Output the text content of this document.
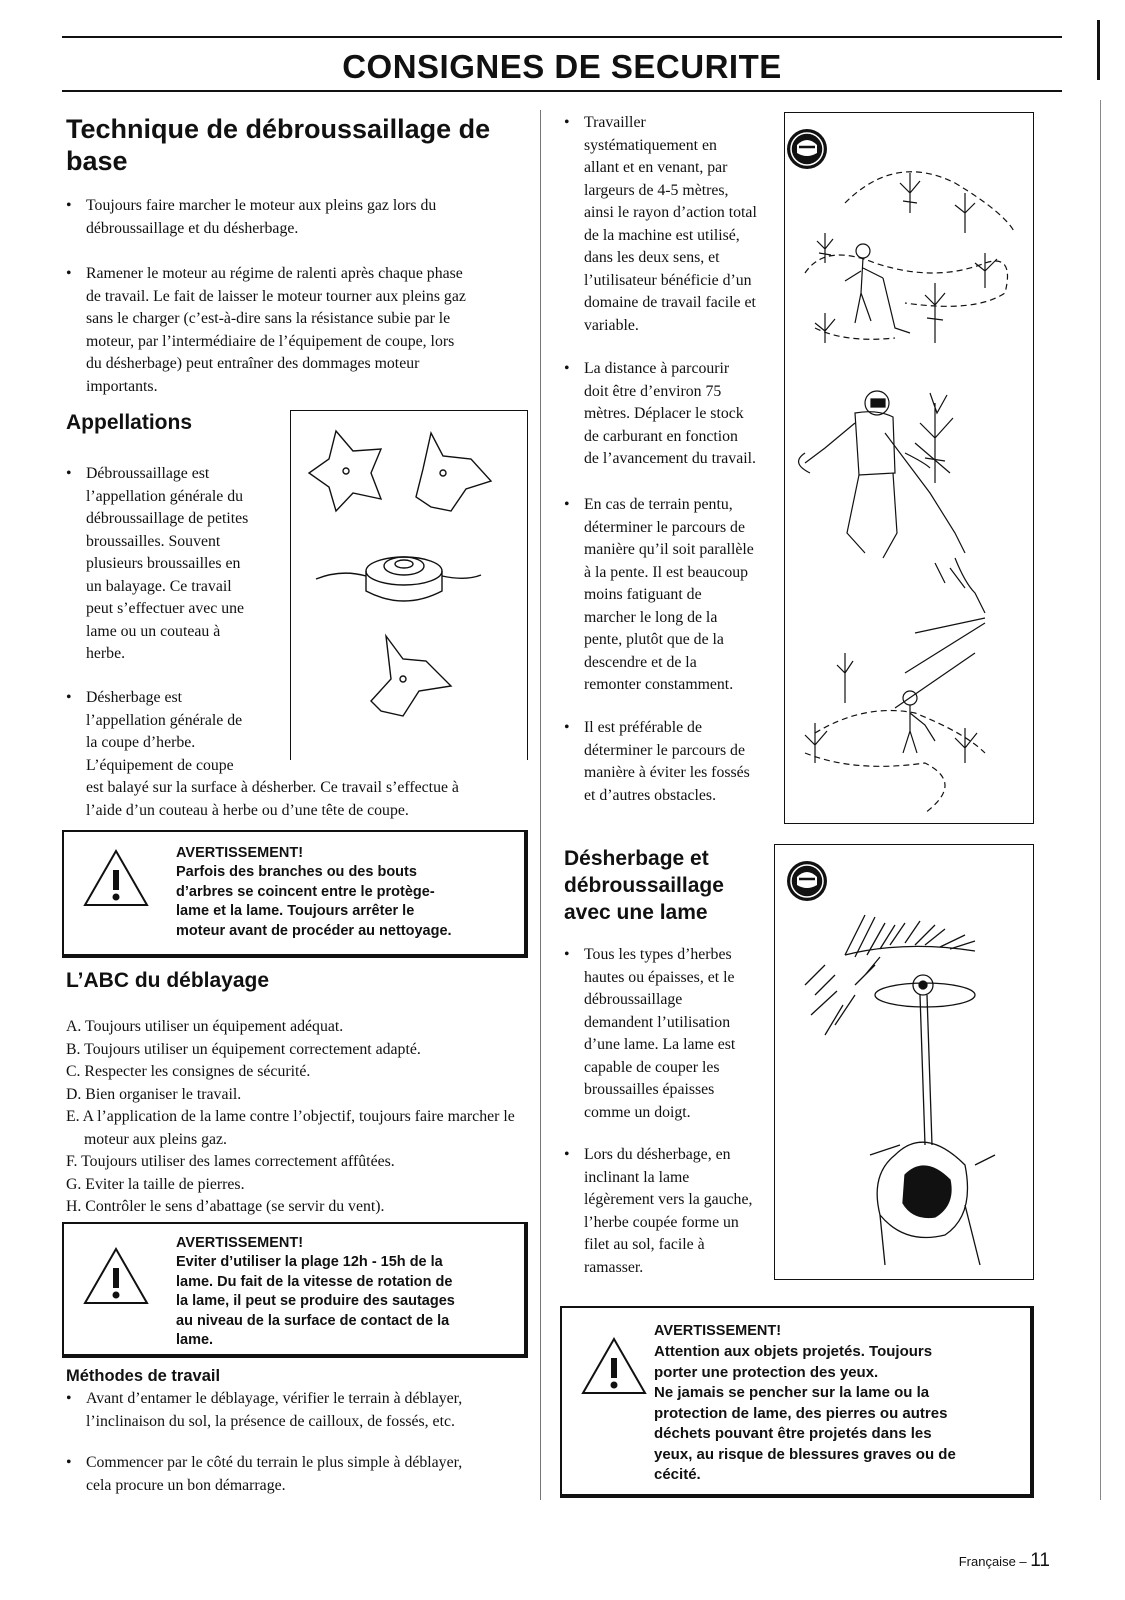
CONSIGNES DE SECURITE
Technique de débroussaillage de
base
• Toujours faire marcher le moteur aux pleins gaz lors du
débroussaillage et du désherbage.
• Ramener le moteur au régime de ralenti après chaque phase
de travail. Le fait de laisser le moteur tourner aux pleins gaz
sans le charger (c’est-à-dire sans la résistance subie par le
moteur, par l’intermédiaire de l’équipement de coupe, lors
du désherbage) peut entraîner des dommages moteur
importants.
Appellations
• Débroussaillage est
l’appellation générale du
débroussaillage de petites
broussailles. Souvent
plusieurs broussailles en
un balayage. Ce travail
peut s’effectuer avec une
lame ou un couteau à
herbe.
• Désherbage est
l’appellation générale de
la coupe d’herbe.
L’équipement de coupe
est balayé sur la surface à désherber. Ce travail s’effectue à
l’aide d’un couteau à herbe ou d’une tête de coupe.
AVERTISSEMENT!
Parfois des branches ou des bouts
d’arbres se coincent entre le protège-
lame et la lame. Toujours arrêter le
moteur avant de procéder au nettoyage.
L’ABC du déblayage
A. Toujours utiliser un équipement adéquat.
B. Toujours utiliser un équipement correctement adapté.
C. Respecter les consignes de sécurité.
D. Bien organiser le travail.
E. A l’application de la lame contre l’objectif, toujours faire marcher le moteur aux pleins gaz.
F. Toujours utiliser des lames correctement affûtées.
G. Eviter la taille de pierres.
H. Contrôler le sens d’abattage (se servir du vent).
AVERTISSEMENT!
Eviter d’utiliser la plage 12h - 15h de la
lame. Du fait de la vitesse de rotation de
la lame, il peut se produire des sautages
au niveau de la surface de contact de la
lame.
Méthodes de travail
• Avant d’entamer le déblayage, vérifier le terrain à déblayer,
l’inclinaison du sol, la présence de cailloux, de fossés, etc.
• Commencer par le côté du terrain le plus simple à déblayer,
cela procure un bon démarrage.
• Travailler
systématiquement en
allant et en venant, par
largeurs de 4-5 mètres,
ainsi le rayon d’action total
de la machine est utilisé,
dans les deux sens, et
l’utilisateur bénéficie d’un
domaine de travail facile et
variable.
• La distance à parcourir
doit être d’environ 75
mètres. Déplacer le stock
de carburant en fonction
de l’avancement du travail.
• En cas de terrain pentu,
déterminer le parcours de
manière qu’il soit parallèle
à la pente. Il est beaucoup
moins fatiguant de
marcher le long de la
pente, plutôt que de la
descendre et de la
remonter constamment.
• Il est préférable de
déterminer le parcours de
manière à éviter les fossés
et d’autres obstacles.
Désherbage et
débroussaillage
avec une lame
• Tous les types d’herbes
hautes ou épaisses, et le
débroussaillage
demandent l’utilisation
d’une lame. La lame est
capable de couper les
broussailles épaisses
comme un doigt.
• Lors du désherbage, en
inclinant la lame
légèrement vers la gauche,
l’herbe coupée forme un
filet au sol, facile à
ramasser.
AVERTISSEMENT!
Attention aux objets projetés. Toujours
porter une protection des yeux.
Ne jamais se pencher sur la lame ou la
protection de lame, des pierres ou autres
déchets pouvant être projetés dans les
yeux, au risque de blessures graves ou de
cécité.
Française – 11
